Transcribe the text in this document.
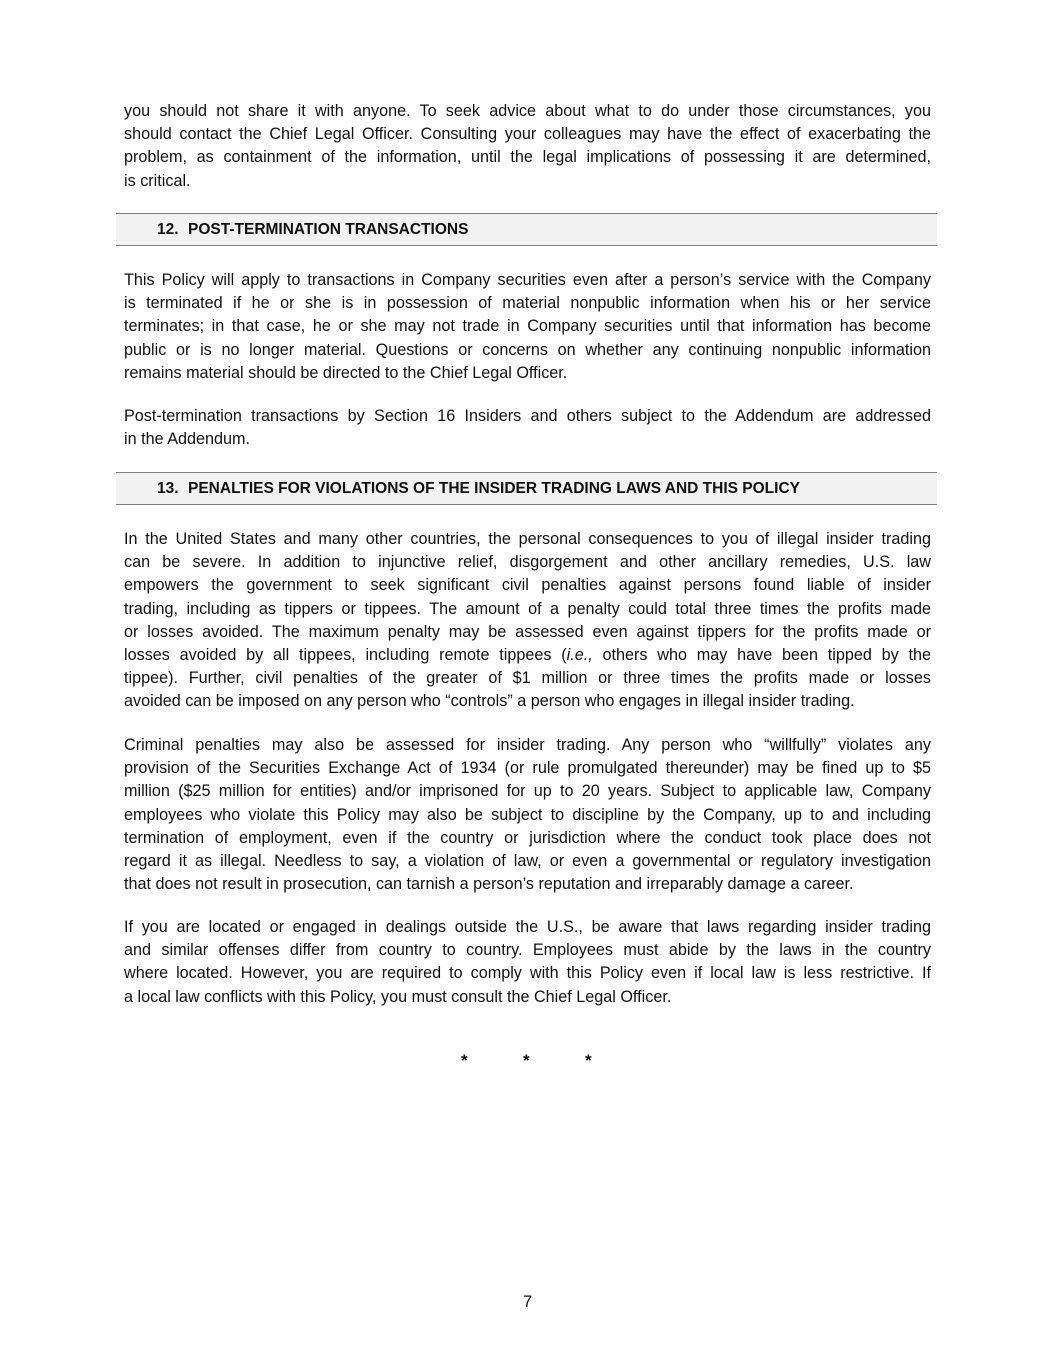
you should not share it with anyone. To seek advice about what to do under those circumstances, you
should contact the Chief Legal Officer. Consulting your colleagues may have the effect of exacerbating the
problem, as containment of the information, until the legal implications of possessing it are determined,
is critical.

12. POST-TERMINATION TRANSACTIONS

This Policy will apply to transactions in Company securities even after a person’s service with the Company
is terminated if he or she is in possession of material nonpublic information when his or her service
terminates; in that case, he or she may not trade in Company securities until that information has become
public or is no longer material. Questions or concerns on whether any continuing nonpublic information
remains material should be directed to the Chief Legal Officer.

Post-termination transactions by Section 16 Insiders and others subject to the Addendum are addressed
in the Addendum.

13. PENALTIES FOR VIOLATIONS OF THE INSIDER TRADING LAWS AND THIS POLICY

In the United States and many other countries, the personal consequences to you of illegal insider trading
can be severe. In addition to injunctive relief, disgorgement and other ancillary remedies, U.S. law
empowers the government to seek significant civil penalties against persons found liable of insider
trading, including as tippers or tippees. The amount of a penalty could total three times the profits made
or losses avoided. The maximum penalty may be assessed even against tippers for the profits made or
losses avoided by all tippees, including remote tippees (i.e., others who may have been tipped by the
tippee). Further, civil penalties of the greater of $1 million or three times the profits made or losses
avoided can be imposed on any person who “controls” a person who engages in illegal insider trading.

Criminal penalties may also be assessed for insider trading. Any person who “willfully” violates any
provision of the Securities Exchange Act of 1934 (or rule promulgated thereunder) may be fined up to $5
million ($25 million for entities) and/or imprisoned for up to 20 years. Subject to applicable law, Company
employees who violate this Policy may also be subject to discipline by the Company, up to and including
termination of employment, even if the country or jurisdiction where the conduct took place does not
regard it as illegal. Needless to say, a violation of law, or even a governmental or regulatory investigation
that does not result in prosecution, can tarnish a person’s reputation and irreparably damage a career.

If you are located or engaged in dealings outside the U.S., be aware that laws regarding insider trading
and similar offenses differ from country to country. Employees must abide by the laws in the country
where located. However, you are required to comply with this Policy even if local law is less restrictive. If
a local law conflicts with this Policy, you must consult the Chief Legal Officer.

*	*	*
7
